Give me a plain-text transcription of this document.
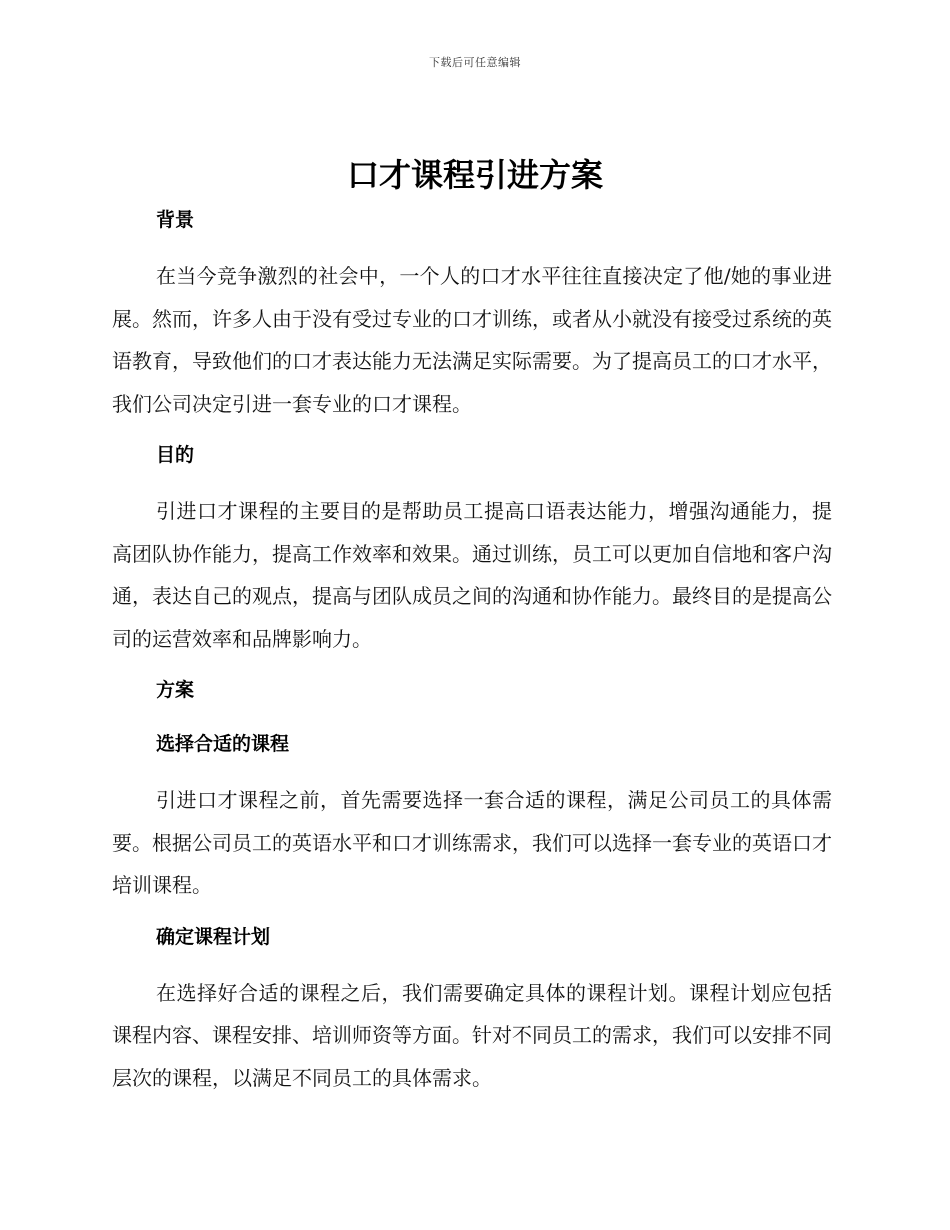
下载后可任意编辑
口才课程引进方案

背景

在当今竞争激烈的社会中，一个人的口才水平往往直接决定了他/她的事业进展。然而，许多人由于没有受过专业的口才训练，或者从小就没有接受过系统的英语教育，导致他们的口才表达能力无法满足实际需要。为了提高员工的口才水平，我们公司决定引进一套专业的口才课程。

目的

引进口才课程的主要目的是帮助员工提高口语表达能力，增强沟通能力，提高团队协作能力，提高工作效率和效果。通过训练，员工可以更加自信地和客户沟通，表达自己的观点，提高与团队成员之间的沟通和协作能力。最终目的是提高公司的运营效率和品牌影响力。

方案

选择合适的课程

引进口才课程之前，首先需要选择一套合适的课程，满足公司员工的具体需要。根据公司员工的英语水平和口才训练需求，我们可以选择一套专业的英语口才培训课程。

确定课程计划

在选择好合适的课程之后，我们需要确定具体的课程计划。课程计划应包括课程内容、课程安排、培训师资等方面。针对不同员工的需求，我们可以安排不同层次的课程，以满足不同员工的具体需求。
